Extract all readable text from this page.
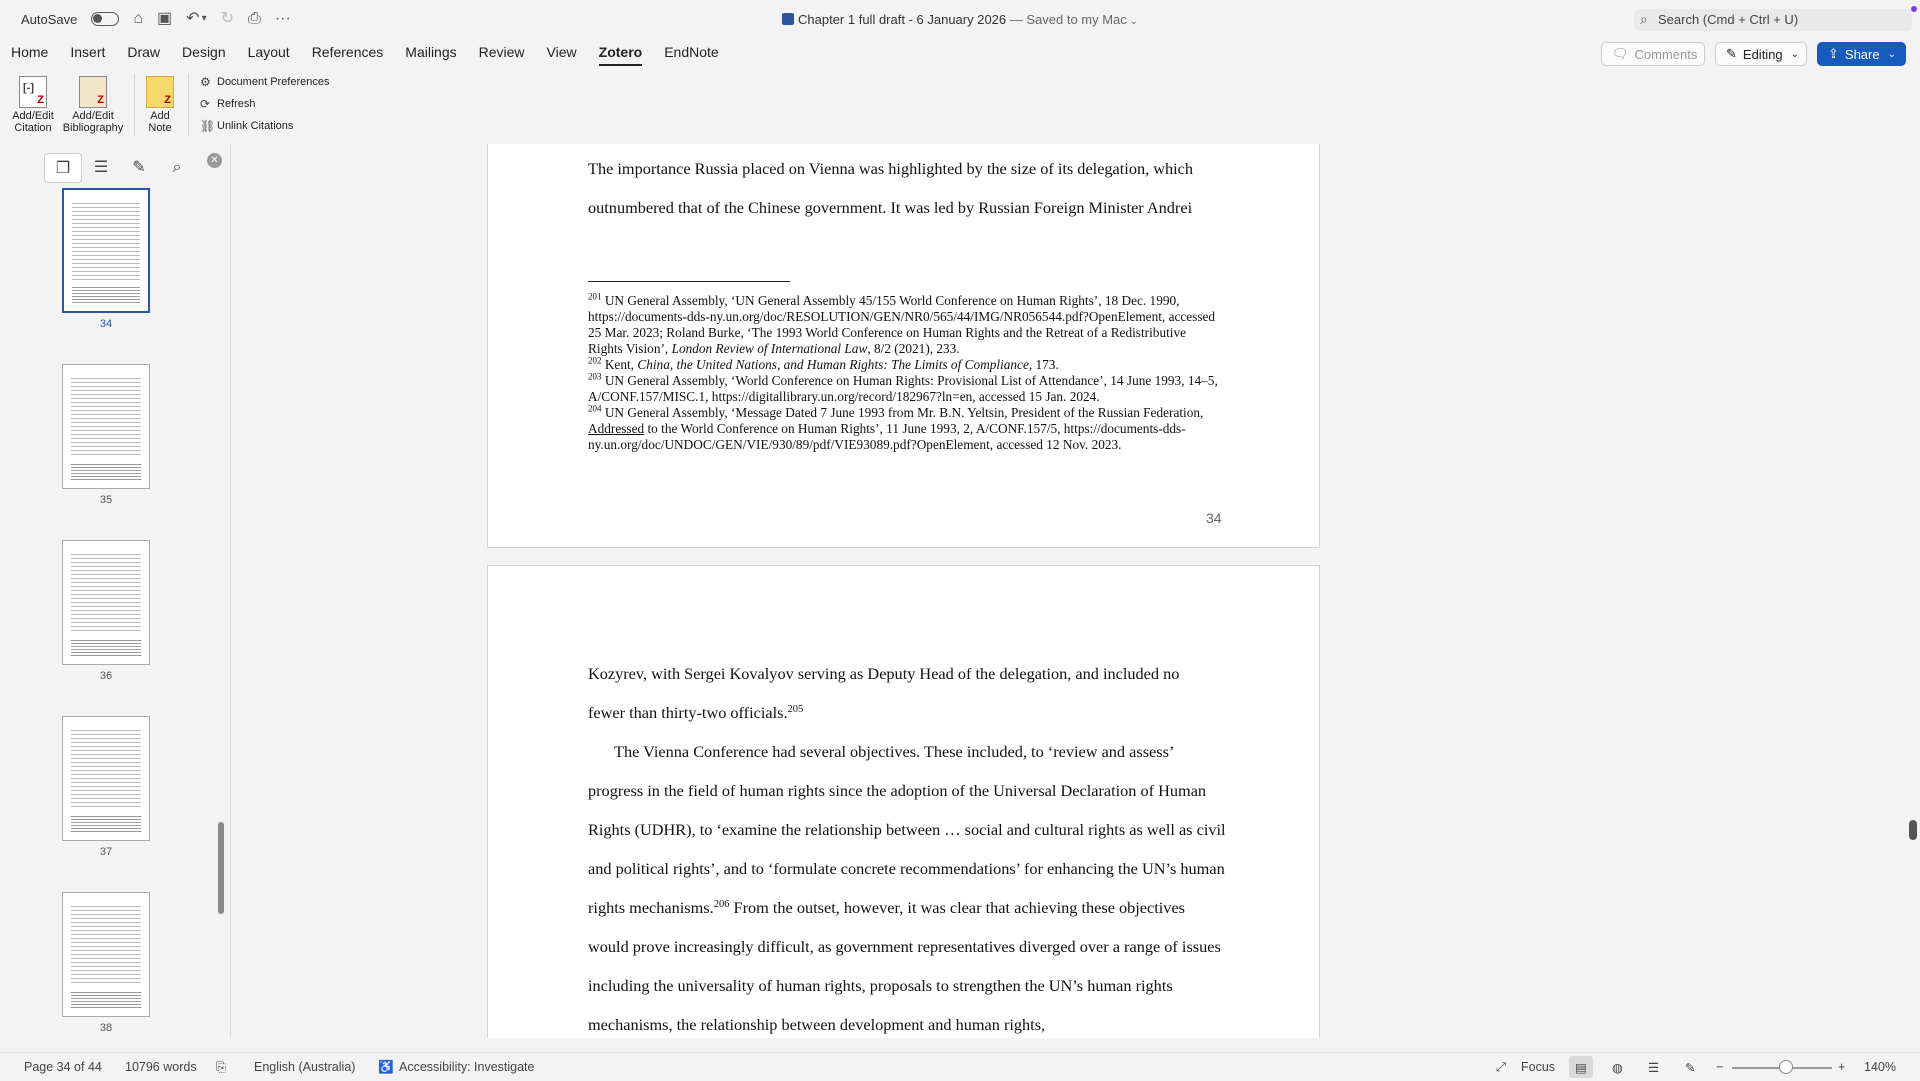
AutoSave	⌂ ▣ ↶ ▾ ↻ ⎙ ···	Chapter 1 full draft - 6 January 2026 — Saved to my Mac ⌄	⌕ Search (Cmd + Ctrl + U)
Home Insert Draw Design Layout References Mailings Review View Zotero EndNote	🗨 Comments ✎ Editing ⌄ ⇪ Share ⌄
Z
[-]
Add/Edit
Citation
Z
Add/Edit
Bibliography
Z
Add
Note
⚙ Document Preferences
⟳ Refresh
⛓ Unlink Citations
❐	☰	✎	⌕	✕
34
35
36
37
38

The importance Russia placed on Vienna was highlighted by the size of its delegation, which

outnumbered that of the Chinese government. It was led by Russian Foreign Minister Andrei

$^{201}$ UN General Assembly, ‘UN General Assembly 45/155 World Conference on Human Rights’, 18 Dec. 1990, https://documents-dds-ny.un.org/doc/RESOLUTION/GEN/NR0/565/44/IMG/NR056544.pdf?OpenElement, accessed 25 Mar. 2023; Roland Burke, ‘The 1993 World Conference on Human Rights and the Retreat of a Redistributive Rights Vision’, London Review of International Law, 8/2 (2021), 233.

$^{202}$ Kent, China, the United Nations, and Human Rights: The Limits of Compliance, 173.

$^{203}$ UN General Assembly, ‘World Conference on Human Rights: Provisional List of Attendance’, 14 June 1993, 14–5, A/CONF.157/MISC.1, https://digitallibrary.un.org/record/182967?ln=en, accessed 15 Jan. 2024.

$^{204}$ UN General Assembly, ‘Message Dated 7 June 1993 from Mr. B.N. Yeltsin, President of the Russian Federation, Addressed to the World Conference on Human Rights’, 11 June 1993, 2, A/CONF.157/5, https://documents-dds-ny.un.org/doc/UNDOC/GEN/VIE/930/89/pdf/VIE93089.pdf?OpenElement, accessed 12 Nov. 2023.

34

Kozyrev, with Sergei Kovalyov serving as Deputy Head of the delegation, and included no

fewer than thirty-two officials.$^{205}$

The Vienna Conference had several objectives. These included, to ‘review and assess’ progress in the field of human rights since the adoption of the Universal Declaration of Human Rights (UDHR), to ‘examine the relationship between … social and cultural rights as well as civil and political rights’, and to ‘formulate concrete recommendations’ for enhancing the UN’s human rights mechanisms.$^{206}$ From the outset, however, it was clear that achieving these objectives would prove increasingly difficult, as government representatives diverged over a range of issues including the universality of human rights, proposals to strengthen the UN’s human rights mechanisms, the relationship between development and human rights,

Page 34 of 44 10796 words ⎘ English (Australia) ♿ Accessibility: Investigate	⤢ Focus ▤ ◍ ☰ ✎ −	+ 140%
